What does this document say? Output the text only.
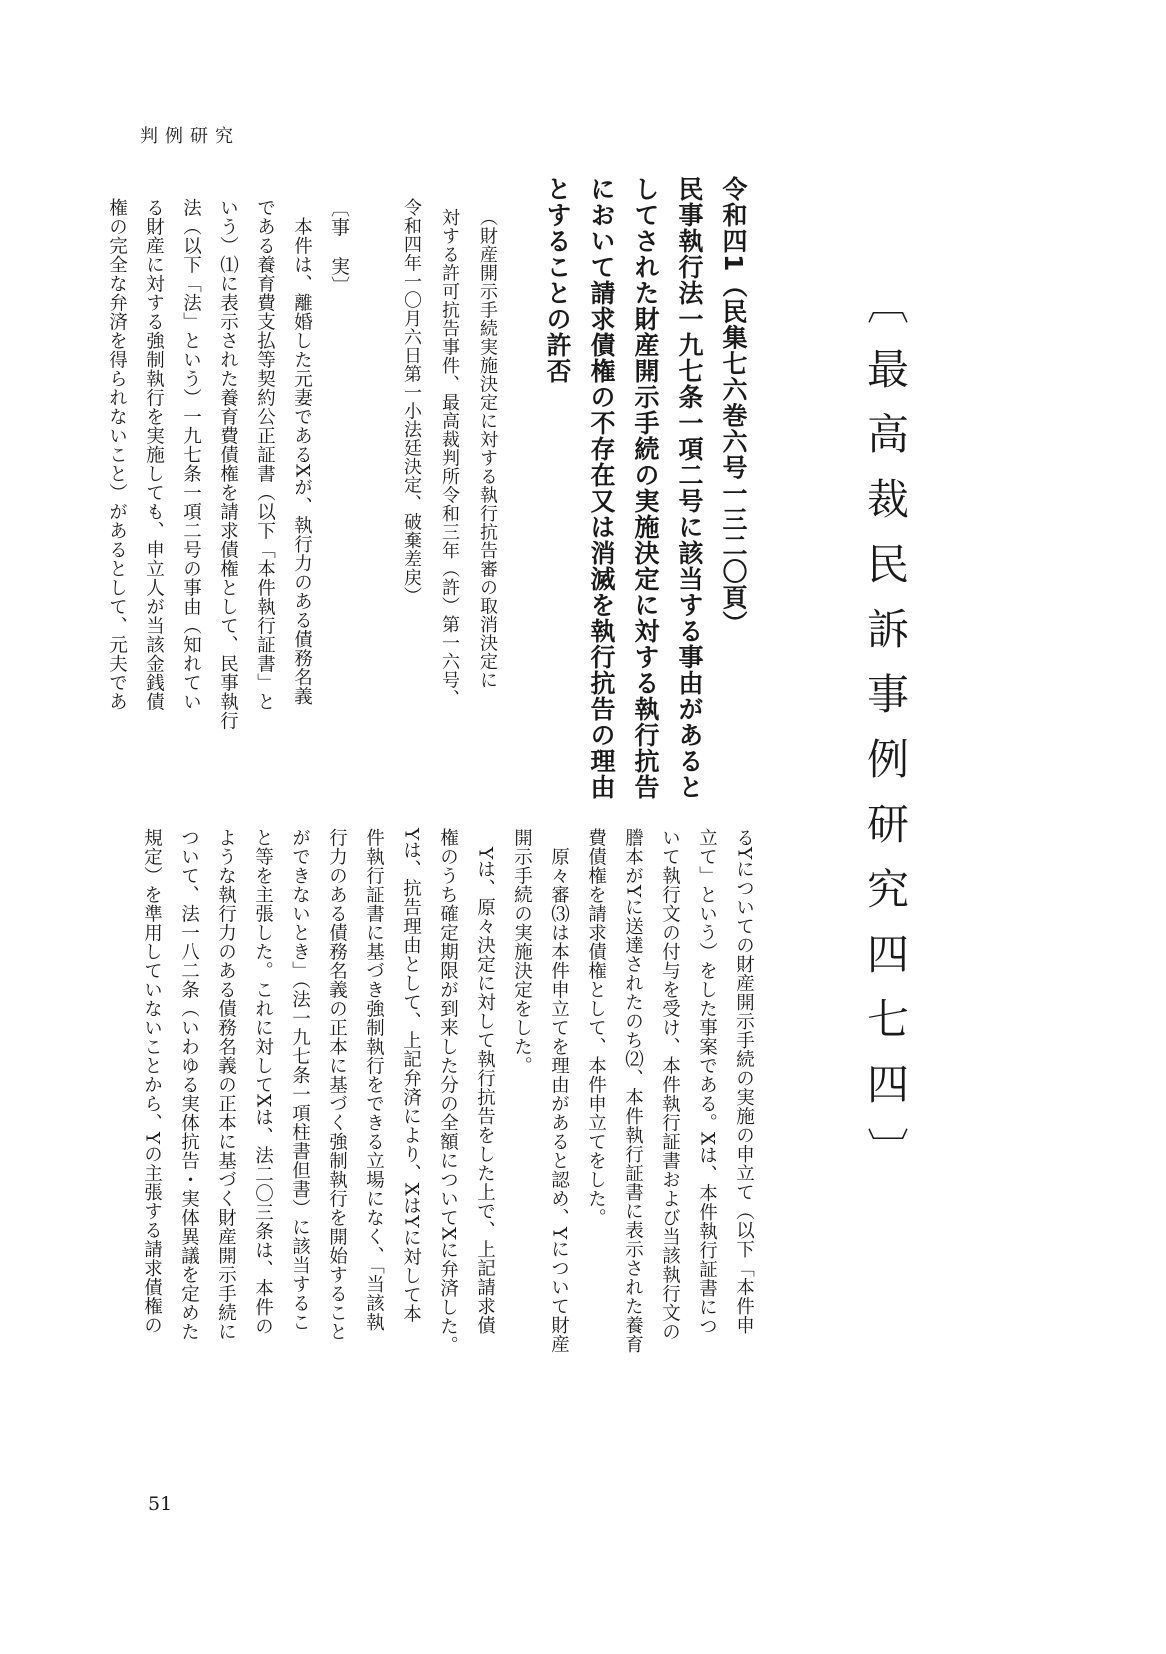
判例研究
〔最高裁民訴事例研究四七四〕
令和四1（民集七六巻六号一三二〇頁）
民事執行法一九七条一項二号に該当する事由があると
してされた財産開示手続の実施決定に対する執行抗告
において請求債権の不存在又は消滅を執行抗告の理由
とすることの許否
（財産開示手続実施決定に対する執行抗告審の取消決定に
対する許可抗告事件、最高裁判所令和三年（許）第一六号、
令和四年一〇月六日第一小法廷決定、破棄差戻）
〔事　実〕
　本件は、離婚した元妻であるXが、執行力のある債務名義
である養育費支払等契約公正証書（以下「本件執行証書」と
いう）⑴に表示された養育費債権を請求債権として、民事執行
法（以下「法」という）一九七条一項二号の事由（知れてい
る財産に対する強制執行を実施しても、申立人が当該金銭債
権の完全な弁済を得られないこと）があるとして、元夫であ
るYについての財産開示手続の実施の申立て（以下「本件申
立て」という）をした事案である。Xは、本件執行証書につ
いて執行文の付与を受け、本件執行証書および当該執行文の
謄本がYに送達されたのち⑵、本件執行証書に表示された養育
費債権を請求債権として、本件申立てをした。
　原々審⑶は本件申立てを理由があると認め、Yについて財産
開示手続の実施決定をした。
　Yは、原々決定に対して執行抗告をした上で、上記請求債
権のうち確定期限が到来した分の全額についてXに弁済した。
Yは、抗告理由として、上記弁済により、XはYに対して本
件執行証書に基づき強制執行をできる立場になく、「当該執
行力のある債務名義の正本に基づく強制執行を開始すること
ができないとき」（法一九七条一項柱書但書）に該当するこ
と等を主張した。これに対してXは、法二〇三条は、本件の
ような執行力のある債務名義の正本に基づく財産開示手続に
ついて、法一八二条（いわゆる実体抗告・実体異議を定めた
規定）を準用していないことから、Yの主張する請求債権の
51
